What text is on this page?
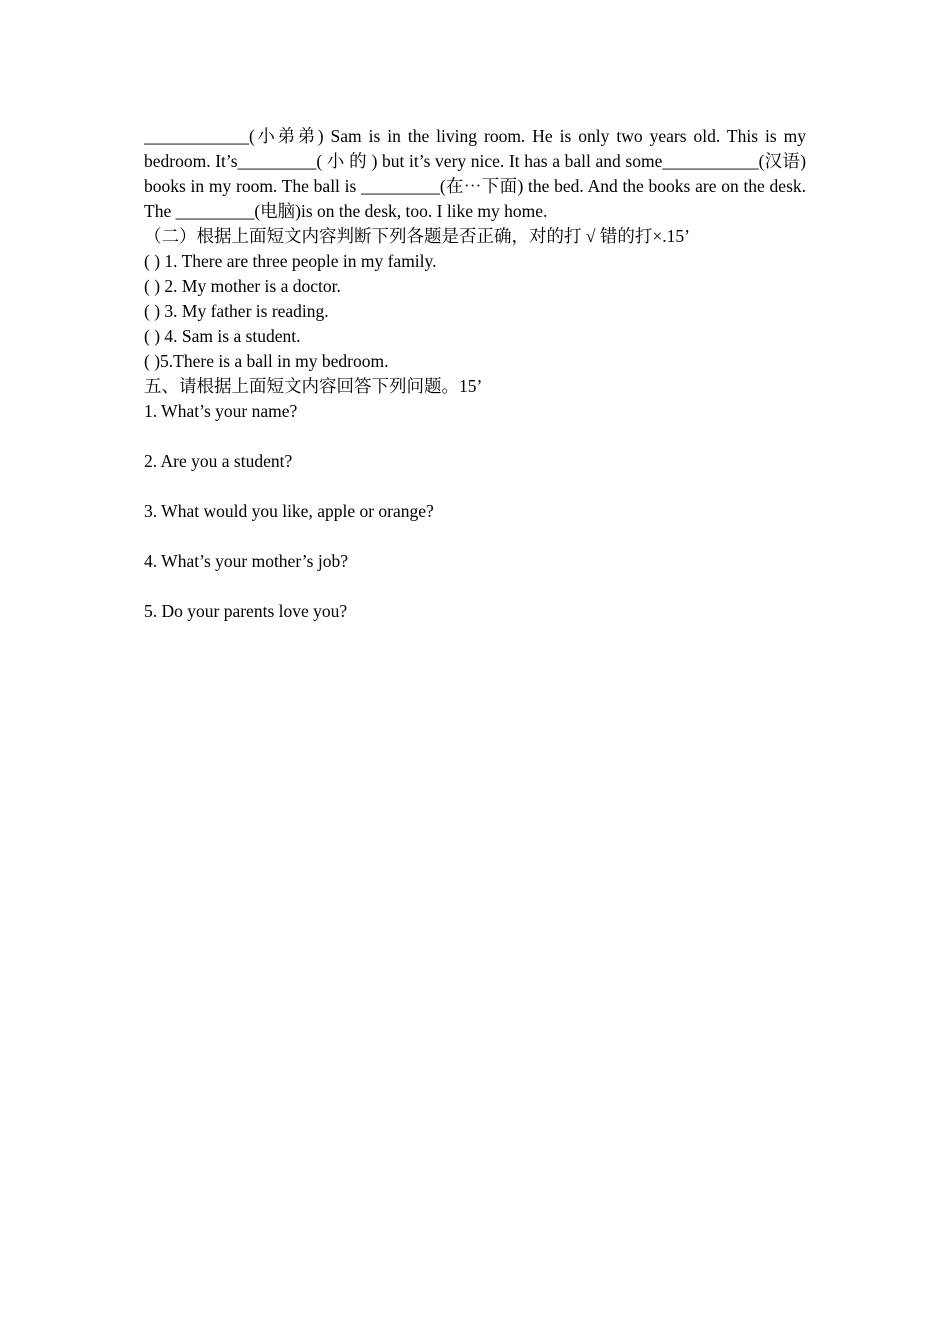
____________(小弟弟) Sam is in the living room. He is only two years old. This is my bedroom. It’s_________( 小 的 ) but it’s very nice. It has a ball and some___________(汉语) books in my room. The ball is _________(在⋯下面) the bed. And the books are on the desk. The _________(电脑)is on the desk, too. I like my home.

（二）根据上面短文内容判断下列各题是否正确，对的打 √ 错的打×.15’

( ) 1. There are three people in my family.

( ) 2. My mother is a doctor.

( ) 3. My father is reading.

( ) 4. Sam is a student.

( )5.There is a ball in my bedroom.

五、请根据上面短文内容回答下列问题。15’

1. What’s your name?

2. Are you a student?

3. What would you like, apple or orange?

4. What’s your mother’s job?

5. Do your parents love you?
